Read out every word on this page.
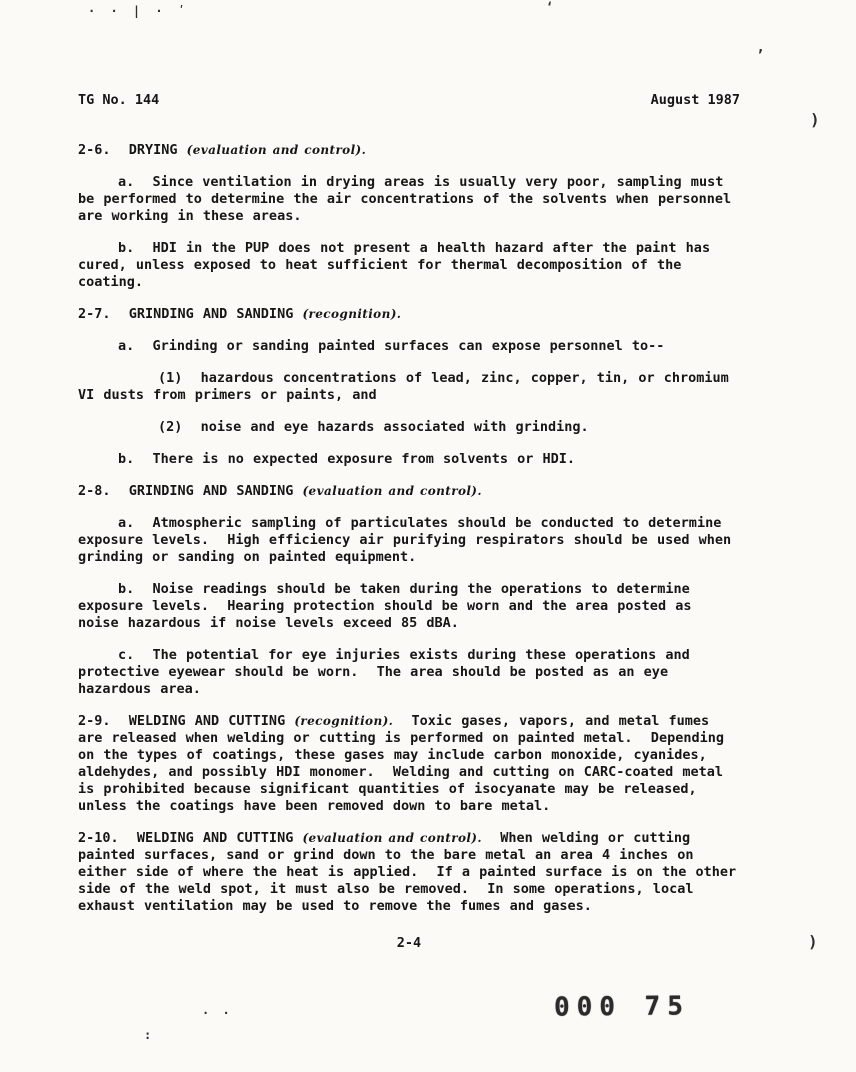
TG No. 144	August 1987

2-6.  DRYING (evaluation and control).

a.  Since ventilation in drying areas is usually very poor, sampling must be performed to determine the air concentrations of the solvents when personnel are working in these areas.

b.  HDI in the PUP does not present a health hazard after the paint has cured, unless exposed to heat sufficient for thermal decomposition of the coating.

2-7.  GRINDING AND SANDING (recognition).

a.  Grinding or sanding painted surfaces can expose personnel to--

(1)  hazardous concentrations of lead, zinc, copper, tin, or chromium VI dusts from primers or paints, and

(2)  noise and eye hazards associated with grinding.

b.  There is no expected exposure from solvents or HDI.

2-8.  GRINDING AND SANDING (evaluation and control).

a.  Atmospheric sampling of particulates should be conducted to determine exposure levels.  High efficiency air purifying respirators should be used when grinding or sanding on painted equipment.

b.  Noise readings should be taken during the operations to determine exposure levels.  Hearing protection should be worn and the area posted as noise hazardous if noise levels exceed 85 dBA.

c.  The potential for eye injuries exists during these operations and protective eyewear should be worn.  The area should be posted as an eye hazardous area.

2-9.  WELDING AND CUTTING (recognition).  Toxic gases, vapors, and metal fumes are released when welding or cutting is performed on painted metal.  Depending on the types of coatings, these gases may include carbon monoxide, cyanides, aldehydes, and possibly HDI monomer.  Welding and cutting on CARC-coated metal is prohibited because significant quantities of isocyanate may be released, unless the coatings have been removed down to bare metal.

2-10.  WELDING AND CUTTING (evaluation and control).  When welding or cutting painted surfaces, sand or grind down to the bare metal an area 4 inches on either side of where the heat is applied.  If a painted surface is on the other side of the weld spot, it must also be removed.  In some operations, local exhaust ventilation may be used to remove the fumes and gases.

2-4
000 75
· · | · ʹ	ʻ
’
)
)
· ·
:
